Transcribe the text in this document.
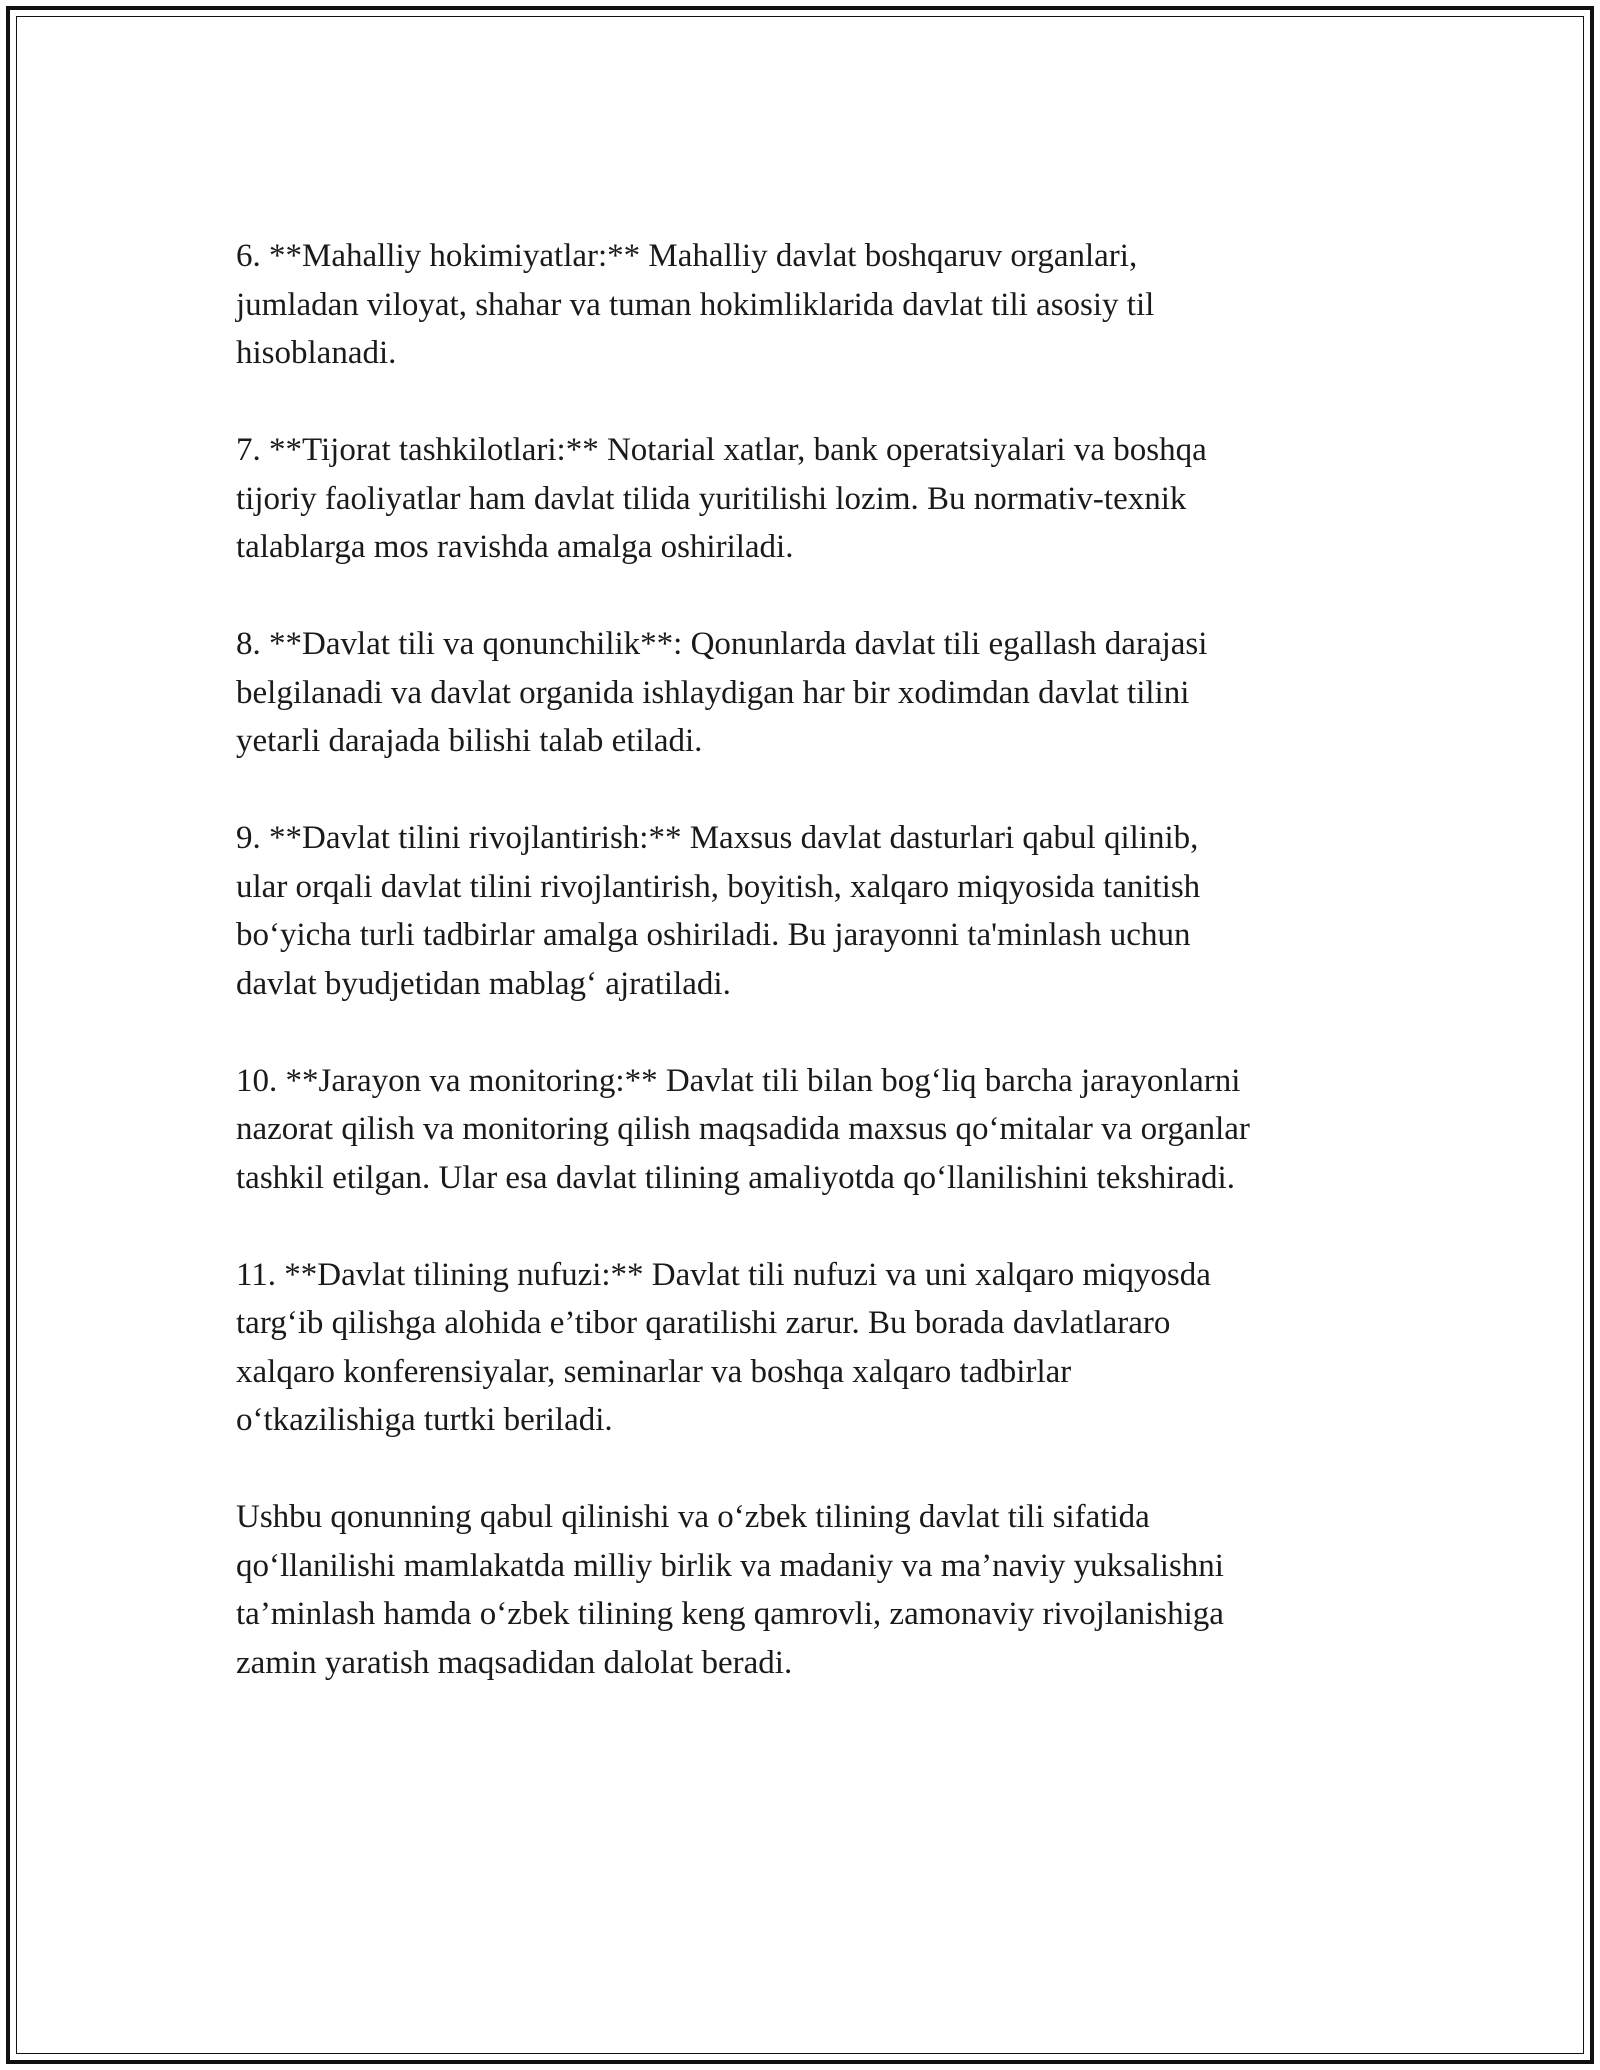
6. **Mahalliy hokimiyatlar:** Mahalliy davlat boshqaruv organlari,
jumladan viloyat, shahar va tuman hokimliklarida davlat tili asosiy til
hisoblanadi.

7. **Tijorat tashkilotlari:** Notarial xatlar, bank operatsiyalari va boshqa
tijoriy faoliyatlar ham davlat tilida yuritilishi lozim. Bu normativ-texnik
talablarga mos ravishda amalga oshiriladi.

8. **Davlat tili va qonunchilik**: Qonunlarda davlat tili egallash darajasi
belgilanadi va davlat organida ishlaydigan har bir xodimdan davlat tilini
yetarli darajada bilishi talab etiladi.

9. **Davlat tilini rivojlantirish:** Maxsus davlat dasturlari qabul qilinib,
ular orqali davlat tilini rivojlantirish, boyitish, xalqaro miqyosida tanitish
bo‘yicha turli tadbirlar amalga oshiriladi. Bu jarayonni ta'minlash uchun
davlat byudjetidan mablag‘ ajratiladi.

10. **Jarayon va monitoring:** Davlat tili bilan bog‘liq barcha jarayonlarni
nazorat qilish va monitoring qilish maqsadida maxsus qo‘mitalar va organlar
tashkil etilgan. Ular esa davlat tilining amaliyotda qo‘llanilishini tekshiradi.

11. **Davlat tilining nufuzi:** Davlat tili nufuzi va uni xalqaro miqyosda
targ‘ib qilishga alohida e’tibor qaratilishi zarur. Bu borada davlatlararo
xalqaro konferensiyalar, seminarlar va boshqa xalqaro tadbirlar
o‘tkazilishiga turtki beriladi.

Ushbu qonunning qabul qilinishi va o‘zbek tilining davlat tili sifatida
qo‘llanilishi mamlakatda milliy birlik va madaniy va ma’naviy yuksalishni
ta’minlash hamda o‘zbek tilining keng qamrovli, zamonaviy rivojlanishiga
zamin yaratish maqsadidan dalolat beradi.
